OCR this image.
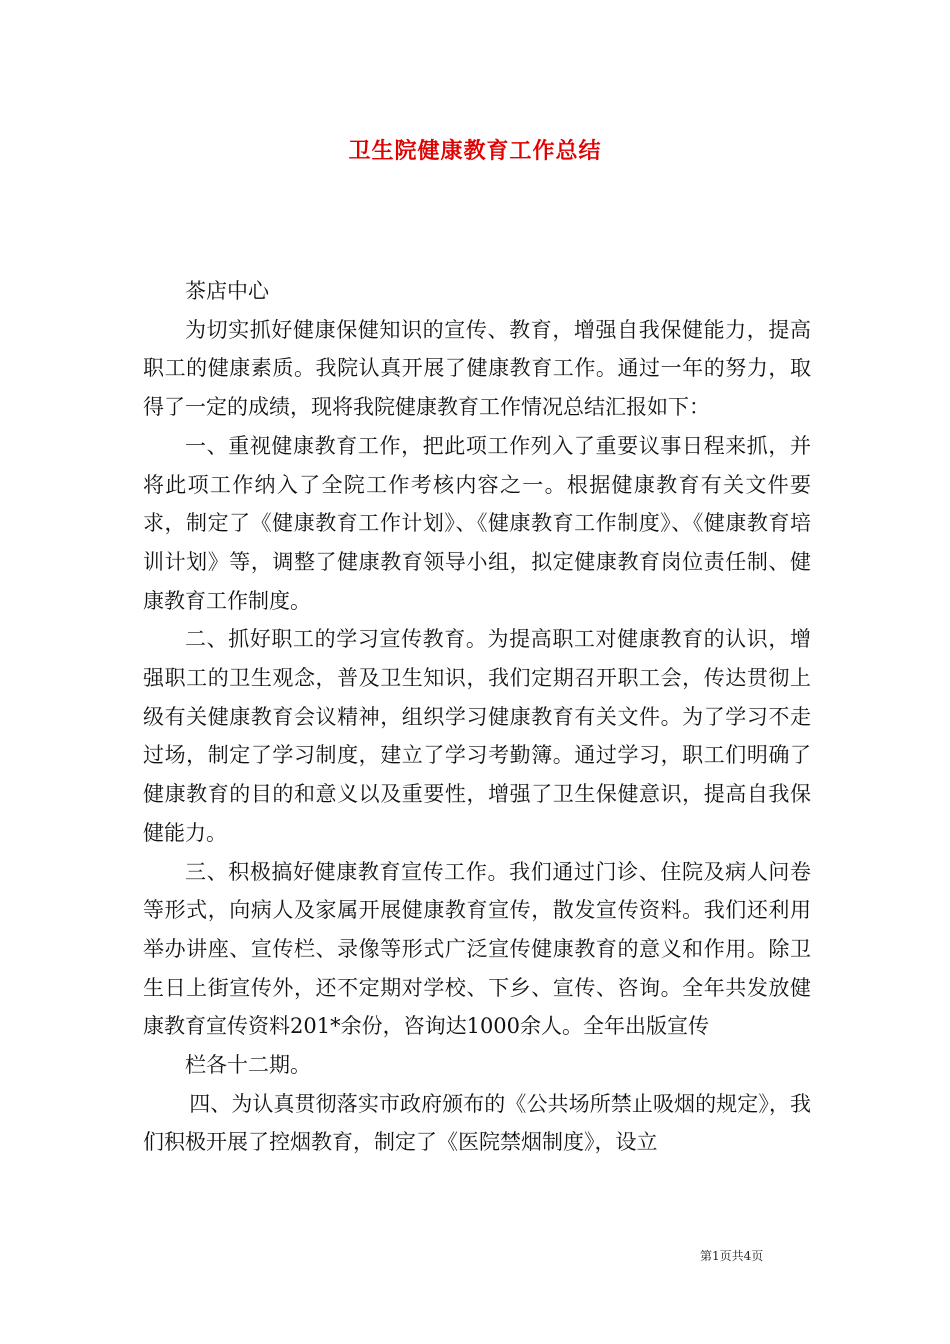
卫生院健康教育工作总结

茶店中心

为切实抓好健康保健知识的宣传、教育，增强自我保健能力，提高职工的健康素质。我院认真开展了健康教育工作。通过一年的努力，取得了一定的成绩，现将我院健康教育工作情况总结汇报如下：

一、重视健康教育工作，把此项工作列入了重要议事日程来抓，并将此项工作纳入了全院工作考核内容之一。根据健康教育有关文件要求，制定了《健康教育工作计划》、《健康教育工作制度》、《健康教育培训计划》等，调整了健康教育领导小组，拟定健康教育岗位责任制、健康教育工作制度。

二、抓好职工的学习宣传教育。为提高职工对健康教育的认识，增强职工的卫生观念，普及卫生知识，我们定期召开职工会，传达贯彻上级有关健康教育会议精神，组织学习健康教育有关文件。为了学习不走过场，制定了学习制度，建立了学习考勤簿。通过学习，职工们明确了健康教育的目的和意义以及重要性，增强了卫生保健意识，提高自我保健能力。

三、积极搞好健康教育宣传工作。我们通过门诊、住院及病人问卷等形式，向病人及家属开展健康教育宣传，散发宣传资料。我们还利用举办讲座、宣传栏、录像等形式广泛宣传健康教育的意义和作用。除卫生日上街宣传外，还不定期对学校、下乡、宣传、咨询。全年共发放健康教育宣传资料201*余份，咨询达1000余人。全年出版宣传

栏各十二期。

四、为认真贯彻落实市政府颁布的《公共场所禁止吸烟的规定》，我们积极开展了控烟教育，制定了《医院禁烟制度》，设立

第1页共4页
